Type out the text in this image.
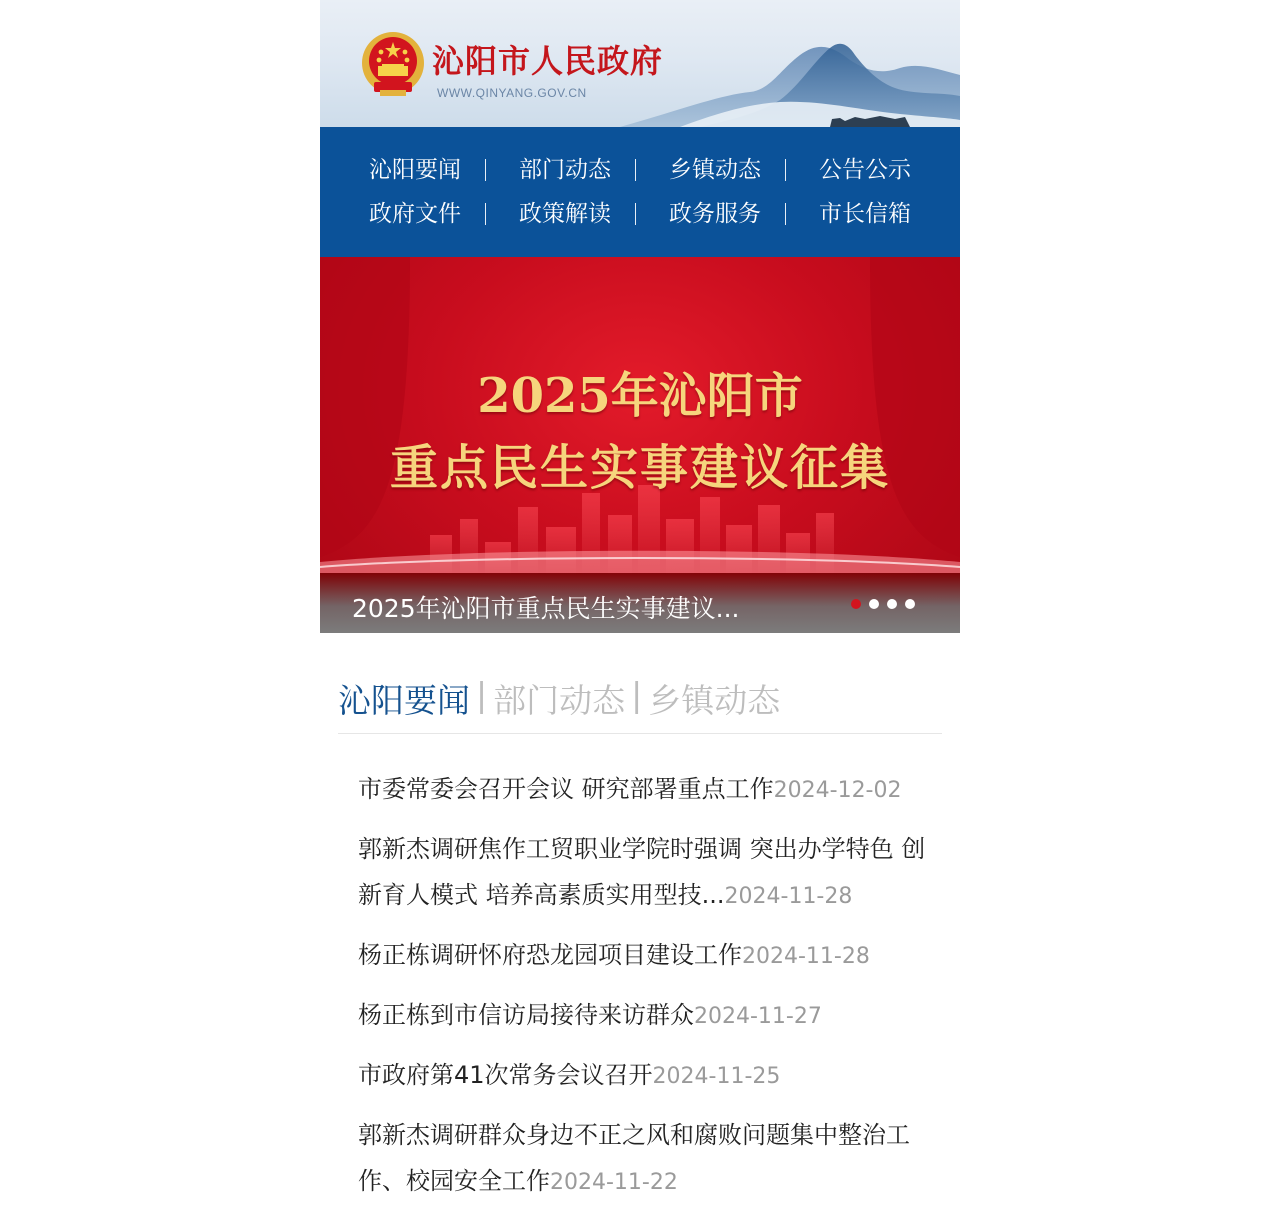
沁阳市人民政府
WWW.QINYANG.GOV.CN
沁阳要闻	部门动态	乡镇动态	公告公示
政府文件	政策解读	政务服务	市长信箱
2025年沁阳市
重点民生实事建议征集
2025年沁阳市重点民生实事建议...
沁阳要闻 | 部门动态 | 乡镇动态
市委常委会召开会议 研究部署重点工作2024-12-02
郭新杰调研焦作工贸职业学院时强调 突出办学特色 创新育人模式 培养高素质实用型技...2024-11-28
杨正栋调研怀府恐龙园项目建设工作2024-11-28
杨正栋到市信访局接待来访群众2024-11-27
市政府第41次常务会议召开2024-11-25
郭新杰调研群众身边不正之风和腐败问题集中整治工作、校园安全工作2024-11-22
